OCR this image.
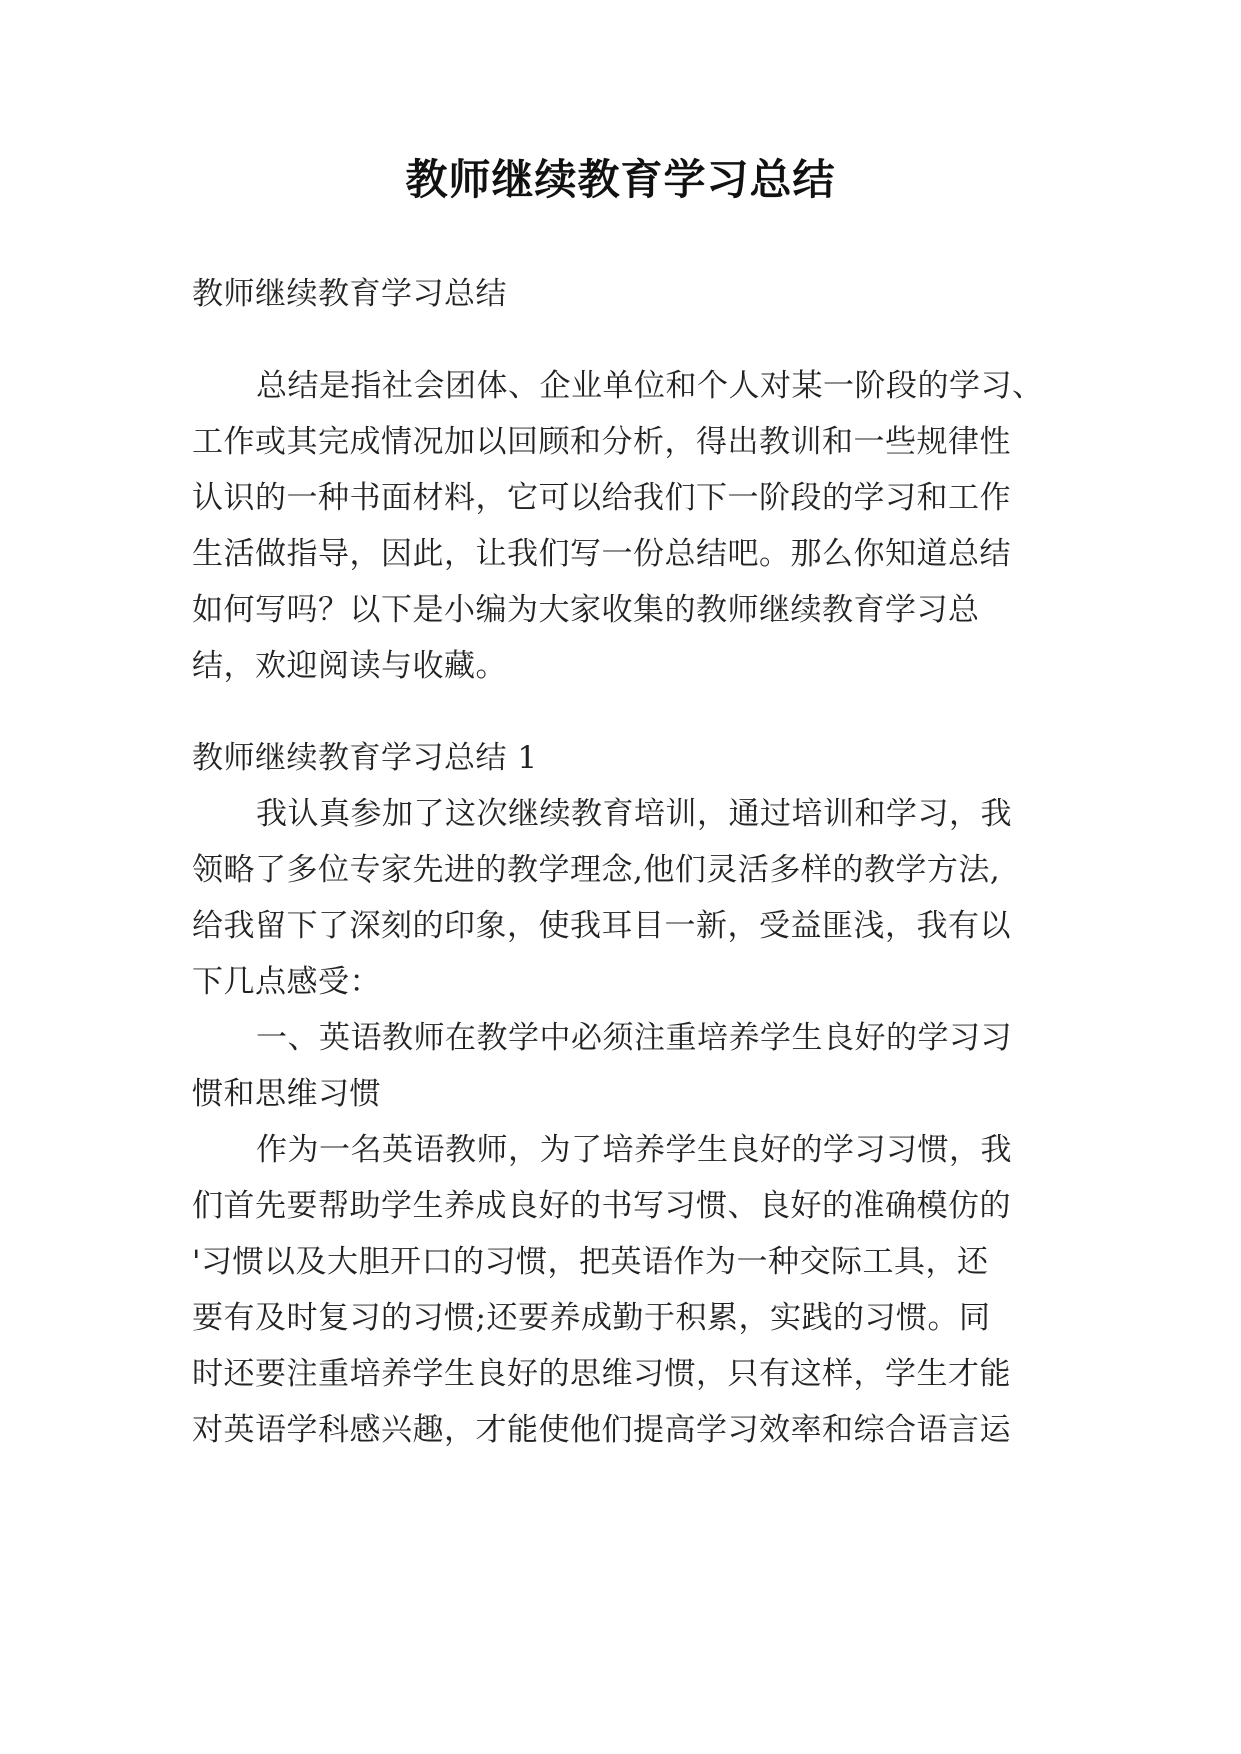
教师继续教育学习总结
教师继续教育学习总结
总结是指社会团体、企业单位和个人对某一阶段的学习、
工作或其完成情况加以回顾和分析，得出教训和一些规律性
认识的一种书面材料，它可以给我们下一阶段的学习和工作
生活做指导，因此，让我们写一份总结吧。那么你知道总结
如何写吗？以下是小编为大家收集的教师继续教育学习总
结，欢迎阅读与收藏。
教师继续教育学习总结 1
我认真参加了这次继续教育培训，通过培训和学习，我
领略了多位专家先进的教学理念,他们灵活多样的教学方法,
给我留下了深刻的印象，使我耳目一新，受益匪浅，我有以
下几点感受：
一、英语教师在教学中必须注重培养学生良好的学习习
惯和思维习惯
作为一名英语教师，为了培养学生良好的学习习惯，我
们首先要帮助学生养成良好的书写习惯、良好的准确模仿的
'习惯以及大胆开口的习惯，把英语作为一种交际工具，还
要有及时复习的习惯;还要养成勤于积累，实践的习惯。同
时还要注重培养学生良好的思维习惯，只有这样，学生才能
对英语学科感兴趣，才能使他们提高学习效率和综合语言运
